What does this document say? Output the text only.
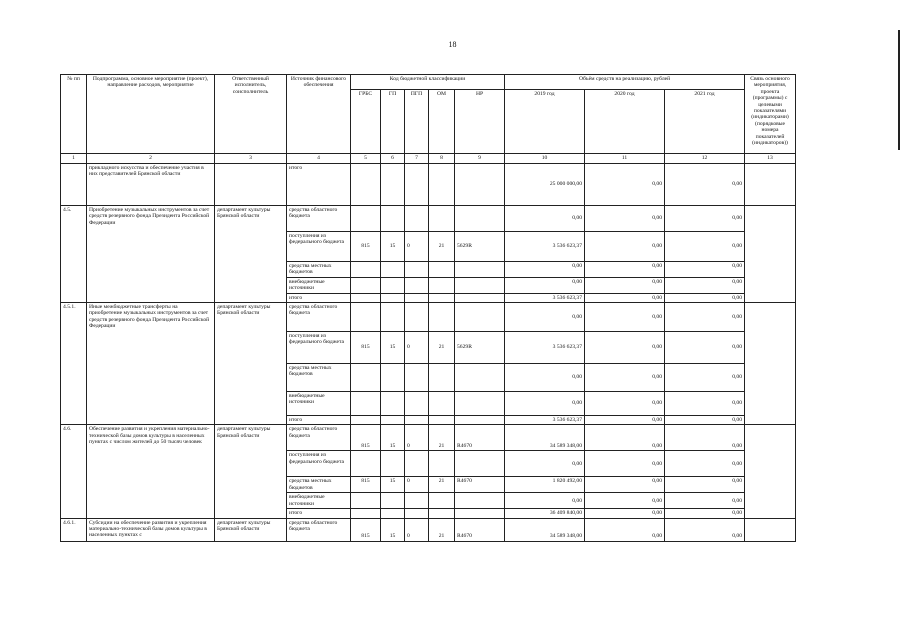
18
№ пп	Подпрограмма, основное мероприятие (проект), направление расходов, мероприятие	Ответственный исполнитель, соисполнитель	Источник финансового обеспечения	Код бюджетной классификации					Объём средств на реализацию, рублей			Связь основного мероприятия, проекта (программы) с целевыми показателями (индикаторами) (порядковые номера показателей (индикаторов))
				ГРБС	ГП	ПГП	ОМ	НР	2019 год	2020 год	2021 год	
1	2	3	4	5	6	7	8	9	10	11	12	13
	прикладного искусства и обеспечение участия в них представителей Брянской области		итого						25 000 000,00	0,00	0,00	
4.5.	Приобретение музыкальных инструментов за счет средств резервного фонда Президента Российской Федерации	департамент культуры Брянской области	средства областного бюджета						0,00	0,00	0,00	
			поступления из федерального бюджета	815	15	0	21	5629R	3 536 623,37	0,00	0,00	
			средства местных бюджетов						0,00	0,00	0,00	
			внебюджетные источники						0,00	0,00	0,00	
			итого						3 536 623,37	0,00	0,00	
4.5.1.	Иные межбюджетные трансферты на приобретение музыкальных инструментов за счет средств резервного фонда Президента Российской Федерации	департамент культуры Брянской области	средства областного бюджета						0,00	0,00	0,00	
			поступления из федерального бюджета	815	15	0	21	5629R	3 536 623,37	0,00	0,00	
			средства местных бюджетов						0,00	0,00	0,00	
			внебюджетные источники						0,00	0,00	0,00	
			итого						3 536 623,37	0,00	0,00	
4.6.	Обеспечение развития и укрепления материально-технической базы домов культуры в населенных пунктах с числом жителей до 50 тысяч человек	департамент культуры Брянской области	средства областного бюджета	815	15	0	21	R4670	34 589 348,00	0,00	0,00	
			поступления из федерального бюджета						0,00	0,00	0,00	
			средства местных бюджетов	815	15	0	21	R4670	1 820 492,00	0,00	0,00	
			внебюджетные источники						0,00	0,00	0,00	
			итого						36 409 840,00	0,00	0,00	
4.6.1.	Субсидии на обеспечение развития и укрепления материально-технической базы домов культуры в населенных пунктах с	департамент культуры Брянской области	средства областного бюджета	815	15	0	21	R4670	34 589 348,00	0,00	0,00	
